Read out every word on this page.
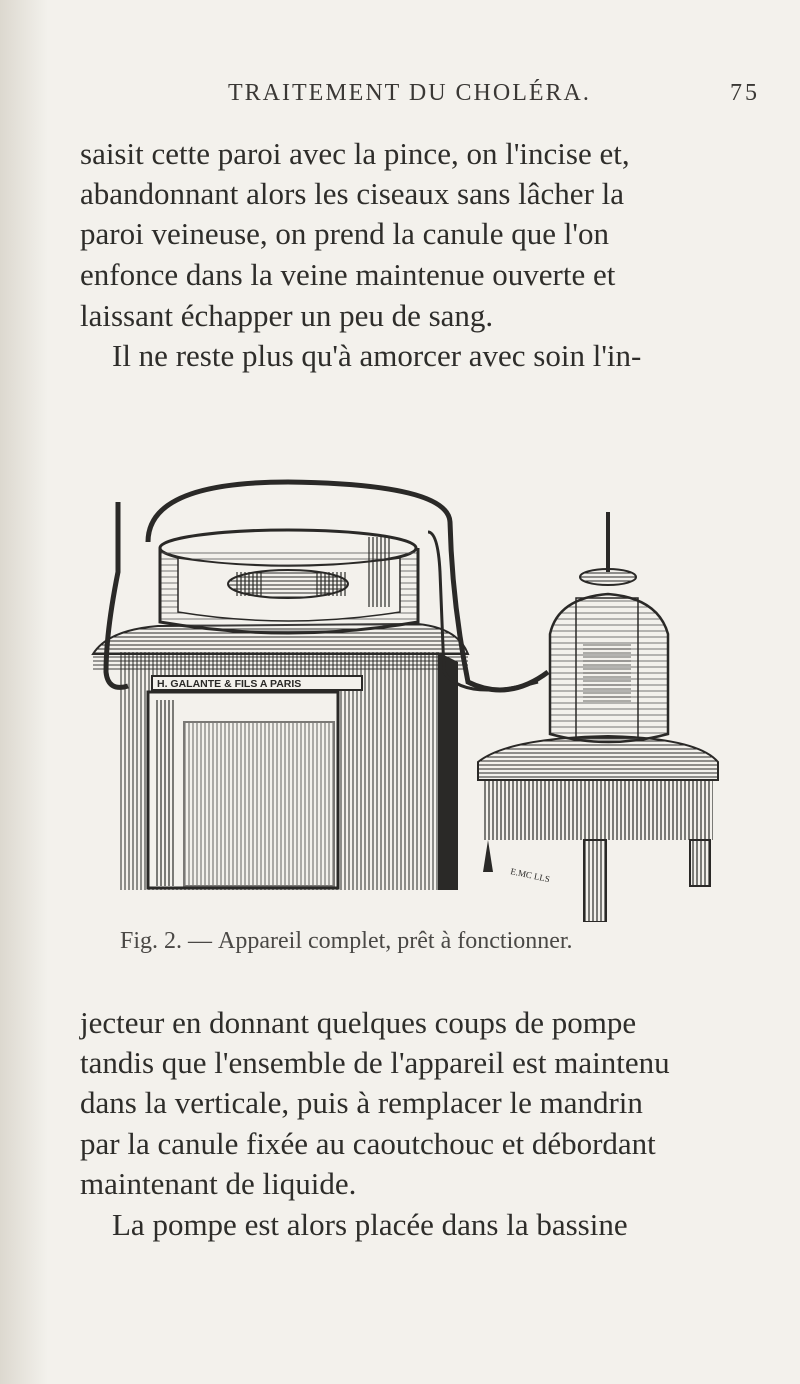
TRAITEMENT DU CHOLÉRA.	75
saisit cette paroi avec la pince, on l'incise et,
abandonnant alors les ciseaux sans lâcher la
paroi veineuse, on prend la canule que l'on
enfonce dans la veine maintenue ouverte et
laissant échapper un peu de sang.
Il ne reste plus qu'à amorcer avec soin l'in-
H. GALANTE & FILS A PARIS
E.MC LLS
Fig. 2. — Appareil complet, prêt à fonctionner.
jecteur en donnant quelques coups de pompe
tandis que l'ensemble de l'appareil est maintenu
dans la verticale, puis à remplacer le mandrin
par la canule fixée au caoutchouc et débordant
maintenant de liquide.
La pompe est alors placée dans la bassine
